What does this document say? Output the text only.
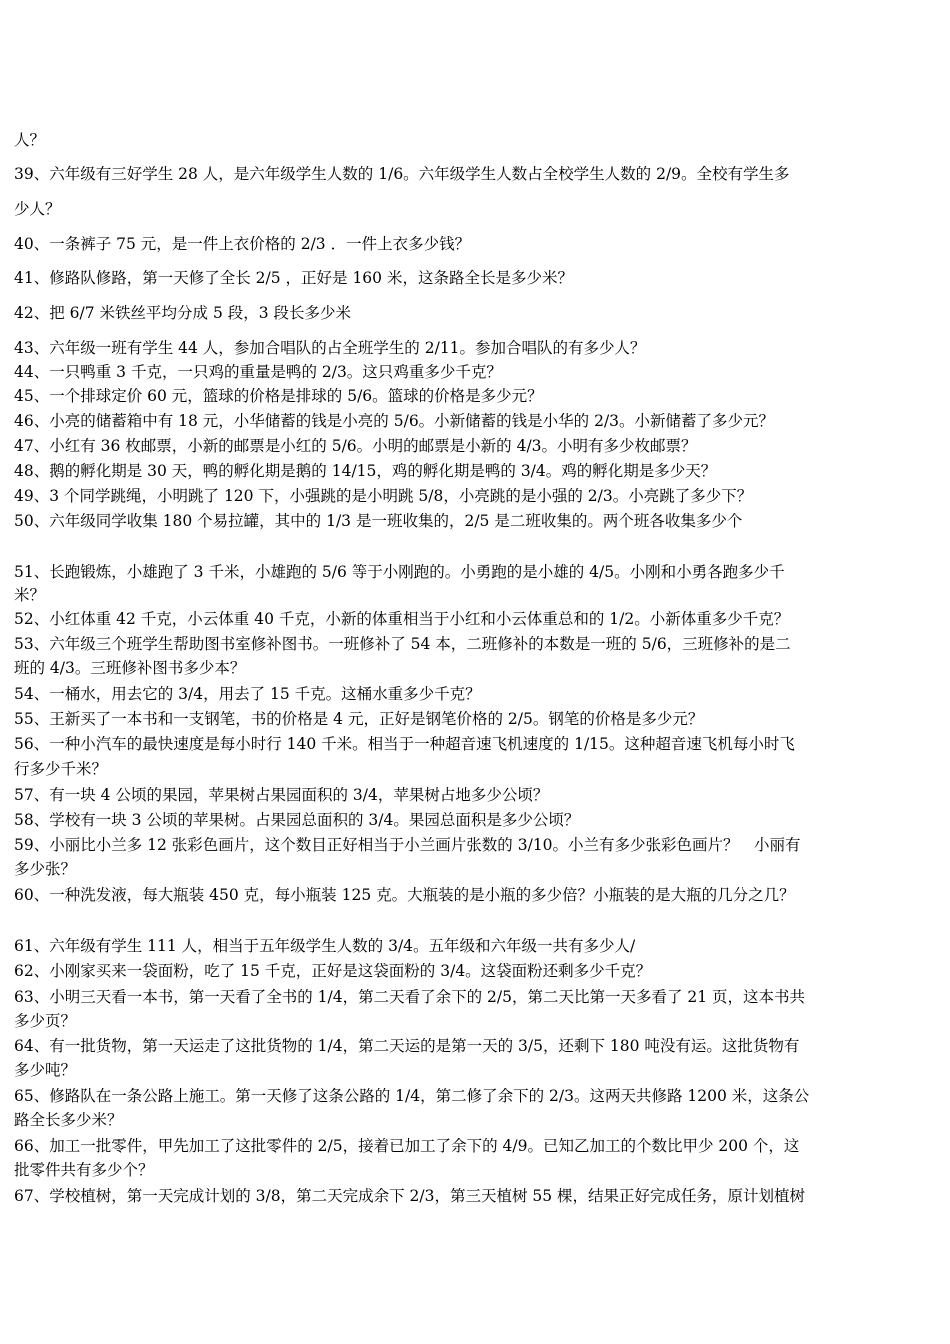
人？
39、六年级有三好学生 28 人，是六年级学生人数的 1/6。六年级学生人数占全校学生人数的 2/9。全校有学生多
少人？
40、一条裤子 75 元，是一件上衣价格的 2/3 ．一件上衣多少钱？
41、修路队修路，第一天修了全长 2/5 ，正好是 160 米，这条路全长是多少米？
42、把 6/7 米铁丝平均分成 5 段，3 段长多少米
43、六年级一班有学生 44 人，参加合唱队的占全班学生的 2/11。参加合唱队的有多少人？
44、一只鸭重 3 千克，一只鸡的重量是鸭的 2/3。这只鸡重多少千克？
45、一个排球定价 60 元，篮球的价格是排球的 5/6。篮球的价格是多少元？
46、小亮的储蓄箱中有 18 元，小华储蓄的钱是小亮的 5/6。小新储蓄的钱是小华的 2/3。小新储蓄了多少元？
47、小红有 36 枚邮票，小新的邮票是小红的 5/6。小明的邮票是小新的 4/3。小明有多少枚邮票？
48、鹅的孵化期是 30 天，鸭的孵化期是鹅的 14/15，鸡的孵化期是鸭的 3/4。鸡的孵化期是多少天？
49、3 个同学跳绳，小明跳了 120 下，小强跳的是小明跳 5/8，小亮跳的是小强的 2/3。小亮跳了多少下？
50、六年级同学收集 180 个易拉罐，其中的 1/3 是一班收集的，2/5 是二班收集的。两个班各收集多少个
51、长跑锻炼，小雄跑了 3 千米，小雄跑的 5/6 等于小刚跑的。小勇跑的是小雄的 4/5。小刚和小勇各跑多少千
米？
52、小红体重 42 千克，小云体重 40 千克，小新的体重相当于小红和小云体重总和的 1/2。小新体重多少千克？
53、六年级三个班学生帮助图书室修补图书。一班修补了 54 本，二班修补的本数是一班的 5/6，三班修补的是二
班的 4/3。三班修补图书多少本？
54、一桶水，用去它的 3/4，用去了 15 千克。这桶水重多少千克？
55、王新买了一本书和一支钢笔，书的价格是 4 元，正好是钢笔价格的 2/5。钢笔的价格是多少元？
56、一种小汽车的最快速度是每小时行 140 千米。相当于一种超音速飞机速度的 1/15。这种超音速飞机每小时飞
行多少千米？
57、有一块 4 公顷的果园，苹果树占果园面积的 3/4，苹果树占地多少公顷？
58、学校有一块 3 公顷的苹果树。占果园总面积的 3/4。果园总面积是多少公顷？
59、小丽比小兰多 12 张彩色画片，这个数目正好相当于小兰画片张数的 3/10。小兰有多少张彩色画片？　小丽有
多少张？
60、一种洗发液，每大瓶装 450 克，每小瓶装 125 克。大瓶装的是小瓶的多少倍？小瓶装的是大瓶的几分之几？
61、六年级有学生 111 人，相当于五年级学生人数的 3/4。五年级和六年级一共有多少人/
62、小刚家买来一袋面粉，吃了 15 千克，正好是这袋面粉的 3/4。这袋面粉还剩多少千克？
63、小明三天看一本书，第一天看了全书的 1/4，第二天看了余下的 2/5，第二天比第一天多看了 21 页，这本书共
多少页？
64、有一批货物，第一天运走了这批货物的 1/4，第二天运的是第一天的 3/5，还剩下 180 吨没有运。这批货物有
多少吨？
65、修路队在一条公路上施工。第一天修了这条公路的 1/4，第二修了余下的 2/3。这两天共修路 1200 米，这条公
路全长多少米？
66、加工一批零件，甲先加工了这批零件的 2/5，接着已加工了余下的 4/9。已知乙加工的个数比甲少 200 个，这
批零件共有多少个？
67、学校植树，第一天完成计划的 3/8，第二天完成余下 2/3，第三天植树 55 棵，结果正好完成任务，原计划植树
